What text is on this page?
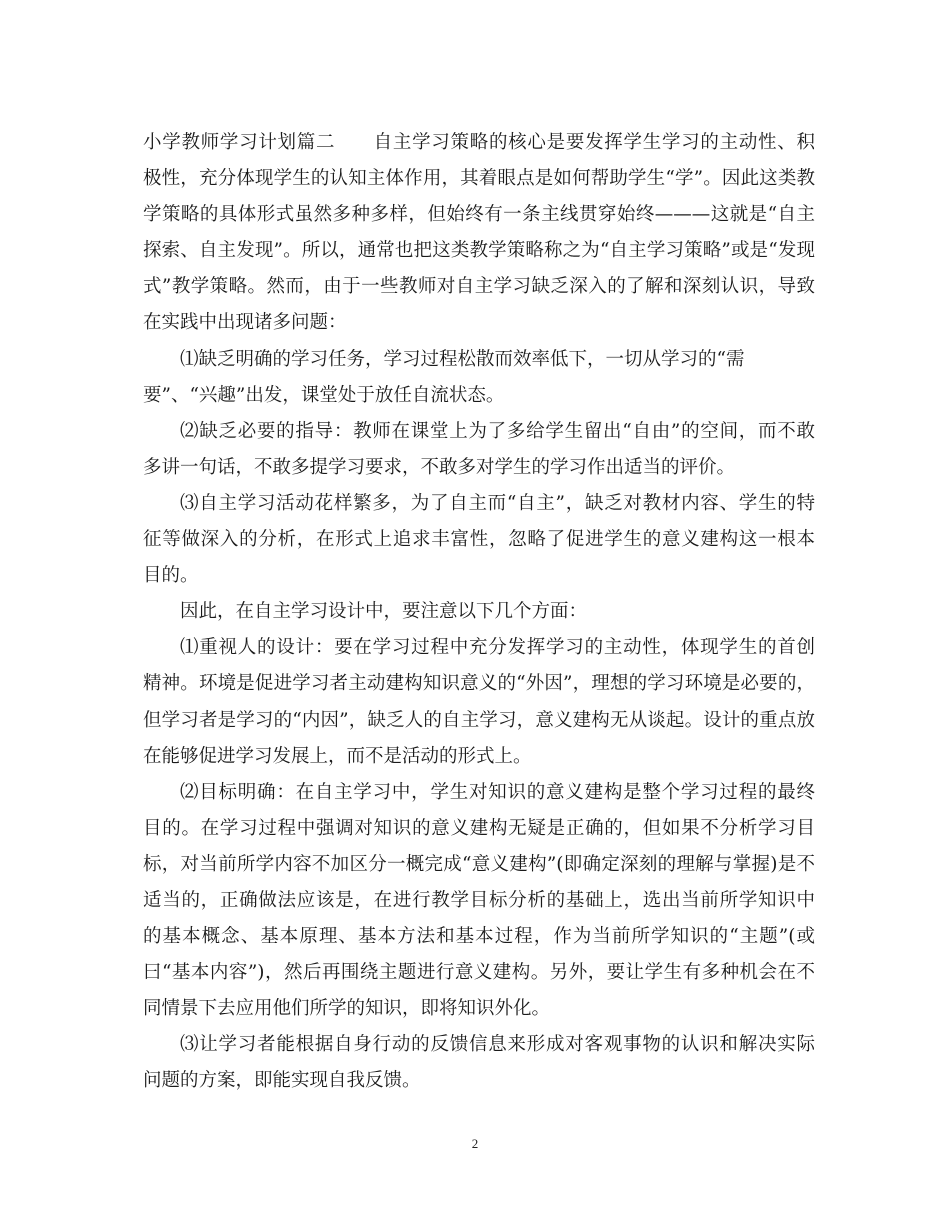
小学教师学习计划篇二　　自主学习策略的核心是要发挥学生学习的主动性、积
极性，充分体现学生的认知主体作用，其着眼点是如何帮助学生“学”。因此这类教
学策略的具体形式虽然多种多样，但始终有一条主线贯穿始终———这就是“自主
探索、自主发现”。所以，通常也把这类教学策略称之为“自主学习策略”或是“发现
式”教学策略。然而，由于一些教师对自主学习缺乏深入的了解和深刻认识，导致
在实践中出现诸多问题：
⑴缺乏明确的学习任务，学习过程松散而效率低下，一切从学习的“需
要”、“兴趣”出发，课堂处于放任自流状态。
⑵缺乏必要的指导：教师在课堂上为了多给学生留出“自由”的空间，而不敢
多讲一句话，不敢多提学习要求，不敢多对学生的学习作出适当的评价。
⑶自主学习活动花样繁多，为了自主而“自主”，缺乏对教材内容、学生的特
征等做深入的分析，在形式上追求丰富性，忽略了促进学生的意义建构这一根本
目的。
因此，在自主学习设计中，要注意以下几个方面：
⑴重视人的设计：要在学习过程中充分发挥学习的主动性，体现学生的首创
精神。环境是促进学习者主动建构知识意义的“外因”，理想的学习环境是必要的，
但学习者是学习的“内因”，缺乏人的自主学习，意义建构无从谈起。设计的重点放
在能够促进学习发展上，而不是活动的形式上。
⑵目标明确：在自主学习中，学生对知识的意义建构是整个学习过程的最终
目的。在学习过程中强调对知识的意义建构无疑是正确的，但如果不分析学习目
标，对当前所学内容不加区分一概完成“意义建构”(即确定深刻的理解与掌握)是不
适当的，正确做法应该是，在进行教学目标分析的基础上，选出当前所学知识中
的基本概念、基本原理、基本方法和基本过程，作为当前所学知识的“主题”(或
曰“基本内容”)，然后再围绕主题进行意义建构。另外，要让学生有多种机会在不
同情景下去应用他们所学的知识，即将知识外化。
⑶让学习者能根据自身行动的反馈信息来形成对客观事物的认识和解决实际
问题的方案，即能实现自我反馈。
2
